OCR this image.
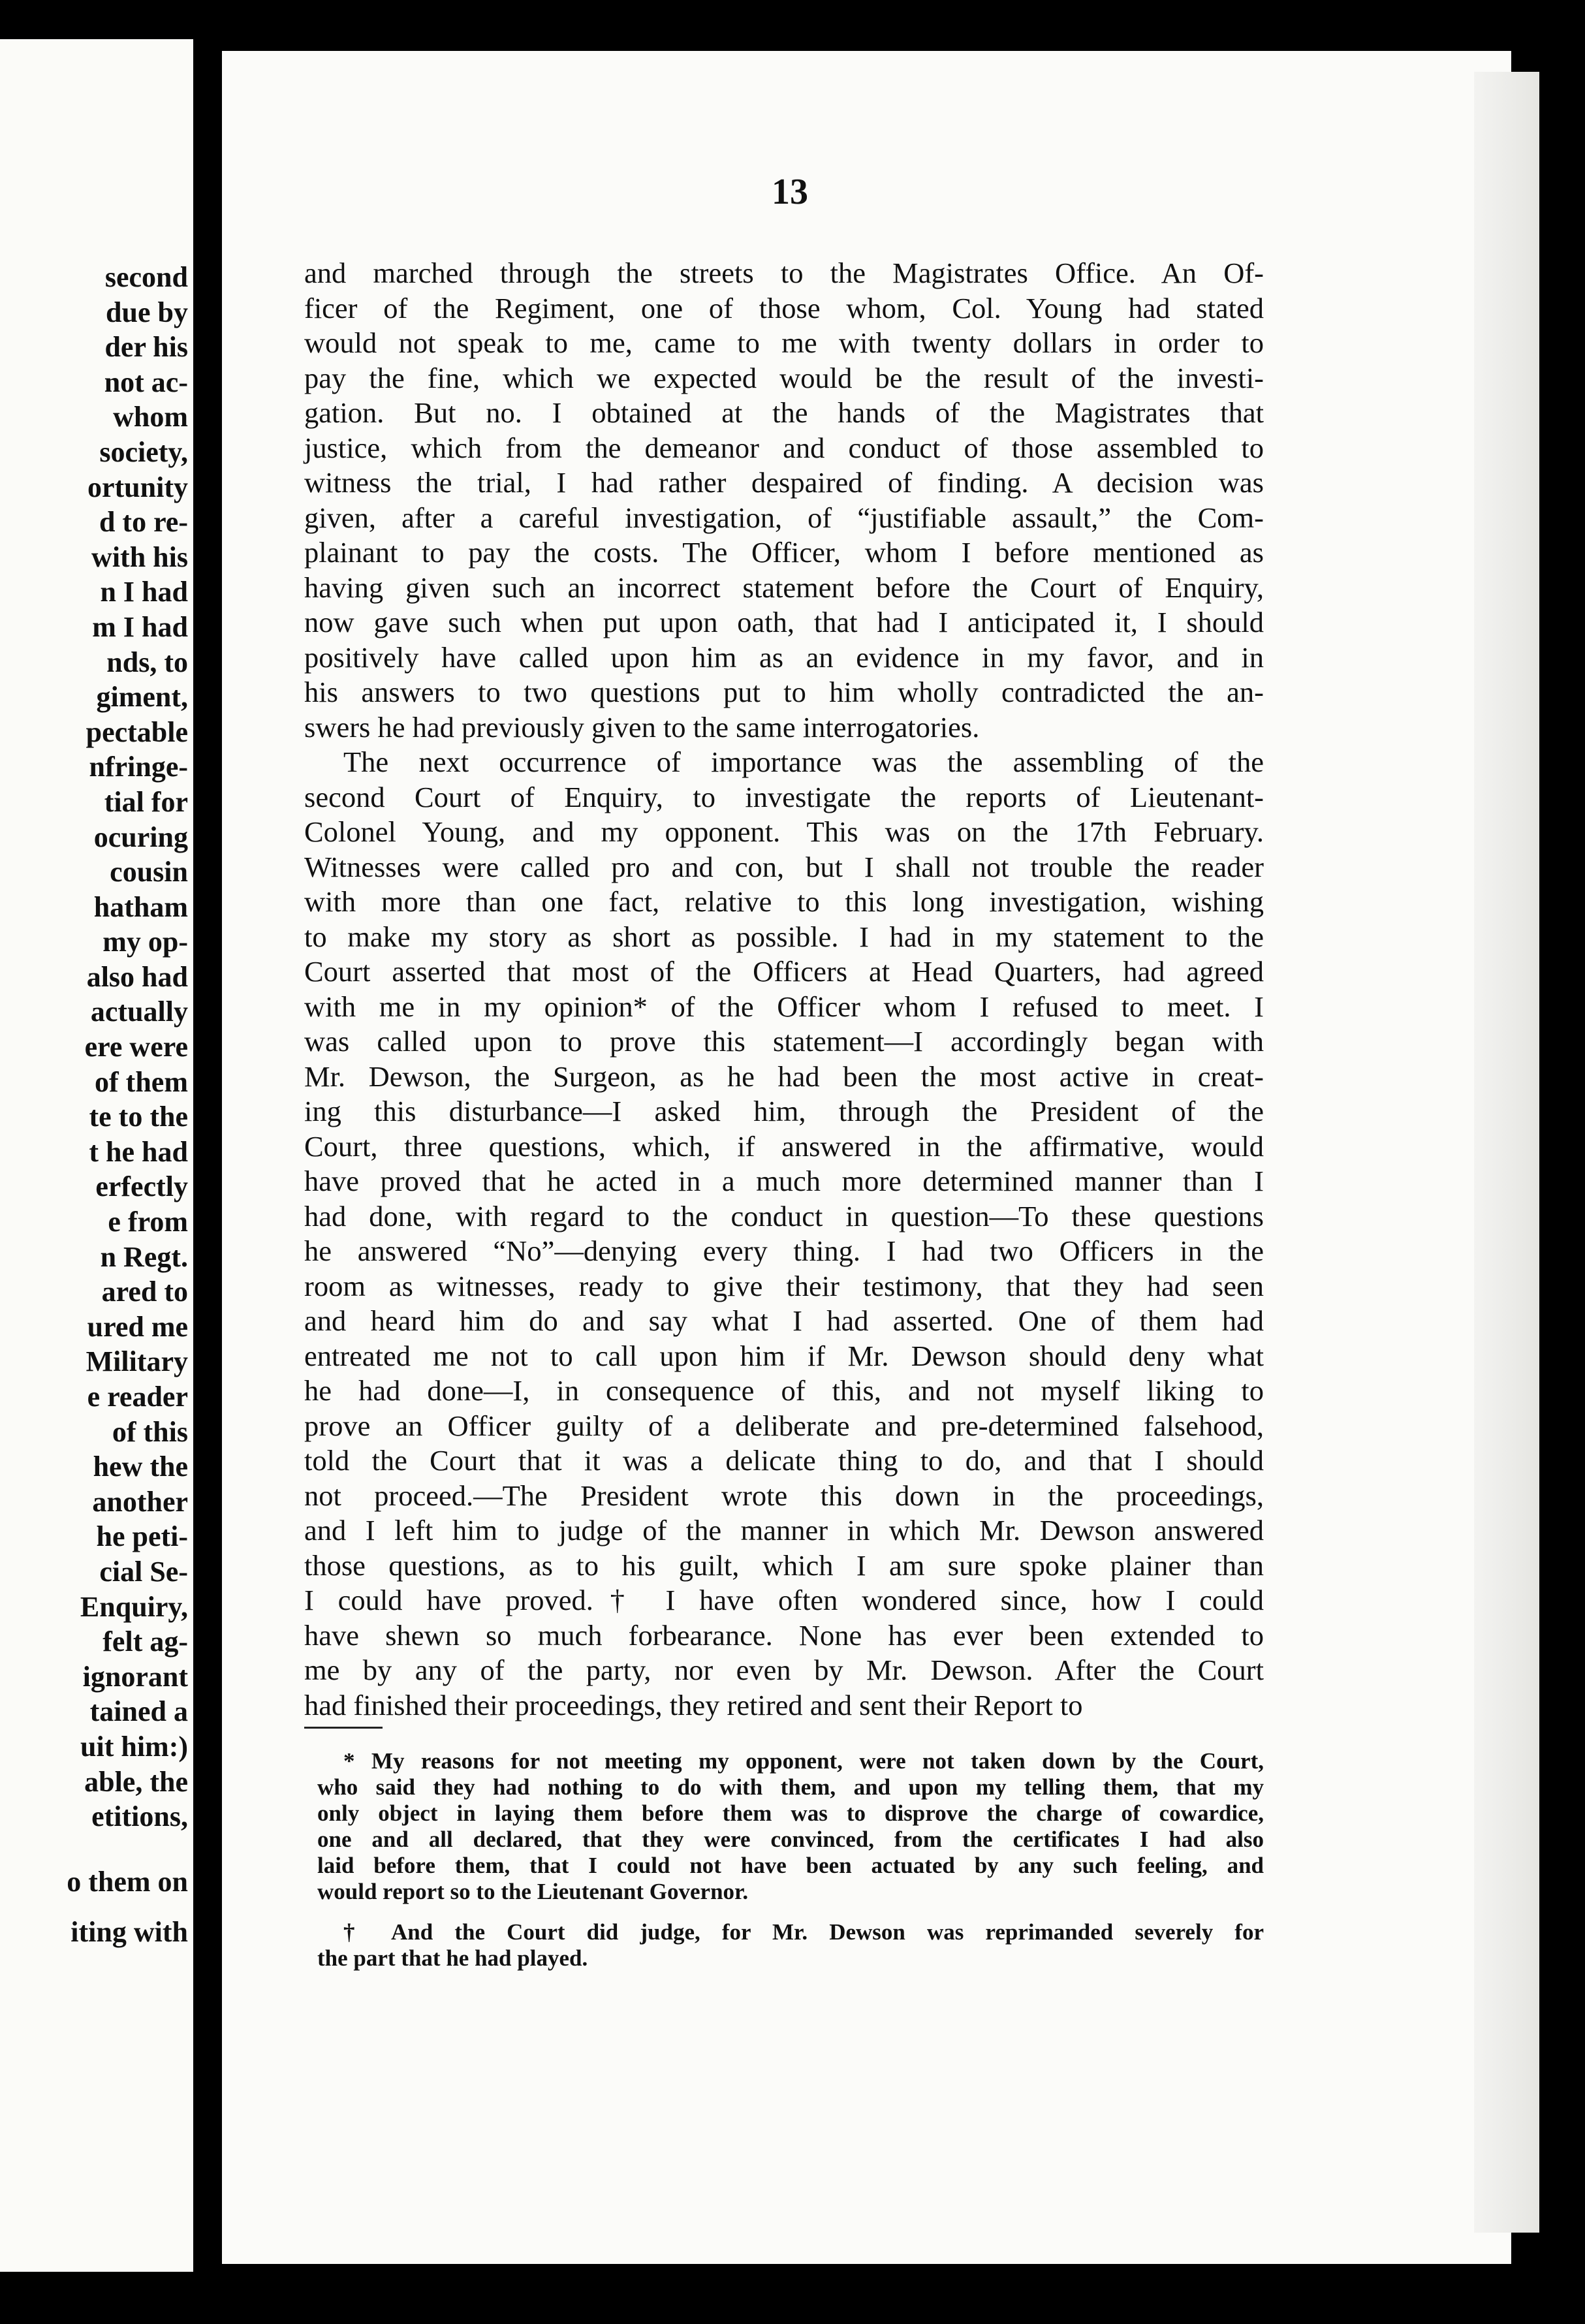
second
due by
der his
not ac-
whom
society,
ortunity
d to re-
with his
n I had
m I had
nds, to
giment,
pectable
nfringe-
tial for
ocuring
cousin
hatham
my op-
also had
actually
ere were
of them
te to the
t he had
erfectly
e from
n Regt.
ared to
ured me
Military
e reader
of this
hew the
another
he peti-
cial Se-
Enquiry,
felt ag-
ignorant
tained a
uit him:)
able, the
etitions,
o them on
iting with
13
and marched through the streets to the Magistrates Office. An Of-
ficer of the Regiment, one of those whom, Col. Young had stated
would not speak to me, came to me with twenty dollars in order to
pay the fine, which we expected would be the result of the investi-
gation. But no. I obtained at the hands of the Magistrates that
justice, which from the demeanor and conduct of those assembled to
witness the trial, I had rather despaired of finding. A decision was
given, after a careful investigation, of “justifiable assault,” the Com-
plainant to pay the costs. The Officer, whom I before mentioned as
having given such an incorrect statement before the Court of Enquiry,
now gave such when put upon oath, that had I anticipated it, I should
positively have called upon him as an evidence in my favor, and in
his answers to two questions put to him wholly contradicted the an-
swers he had previously given to the same interrogatories.
The next occurrence of importance was the assembling of the
second Court of Enquiry, to investigate the reports of Lieutenant-
Colonel Young, and my opponent. This was on the 17th February.
Witnesses were called pro and con, but I shall not trouble the reader
with more than one fact, relative to this long investigation, wishing
to make my story as short as possible. I had in my statement to the
Court asserted that most of the Officers at Head Quarters, had agreed
with me in my opinion* of the Officer whom I refused to meet. I
was called upon to prove this statement—I accordingly began with
Mr. Dewson, the Surgeon, as he had been the most active in creat-
ing this disturbance—I asked him, through the President of the
Court, three questions, which, if answered in the affirmative, would
have proved that he acted in a much more determined manner than I
had done, with regard to the conduct in question—To these questions
he answered “No”—denying every thing. I had two Officers in the
room as witnesses, ready to give their testimony, that they had seen
and heard him do and say what I had asserted. One of them had
entreated me not to call upon him if Mr. Dewson should deny what
he had done—I, in consequence of this, and not myself liking to
prove an Officer guilty of a deliberate and pre-determined falsehood,
told the Court that it was a delicate thing to do, and that I should
not proceed.—The President wrote this down in the proceedings,
and I left him to judge of the manner in which Mr. Dewson answered
those questions, as to his guilt, which I am sure spoke plainer than
I could have proved.† I have often wondered since, how I could
have shewn so much forbearance. None has ever been extended to
me by any of the party, nor even by Mr. Dewson. After the Court
had finished their proceedings, they retired and sent their Report to
* My reasons for not meeting my opponent, were not taken down by the Court,
who said they had nothing to do with them, and upon my telling them, that my
only object in laying them before them was to disprove the charge of cowardice,
one and all declared, that they were convinced, from the certificates I had also
laid before them, that I could not have been actuated by any such feeling, and
would report so to the Lieutenant Governor.
† And the Court did judge, for Mr. Dewson was reprimanded severely for
the part that he had played.
